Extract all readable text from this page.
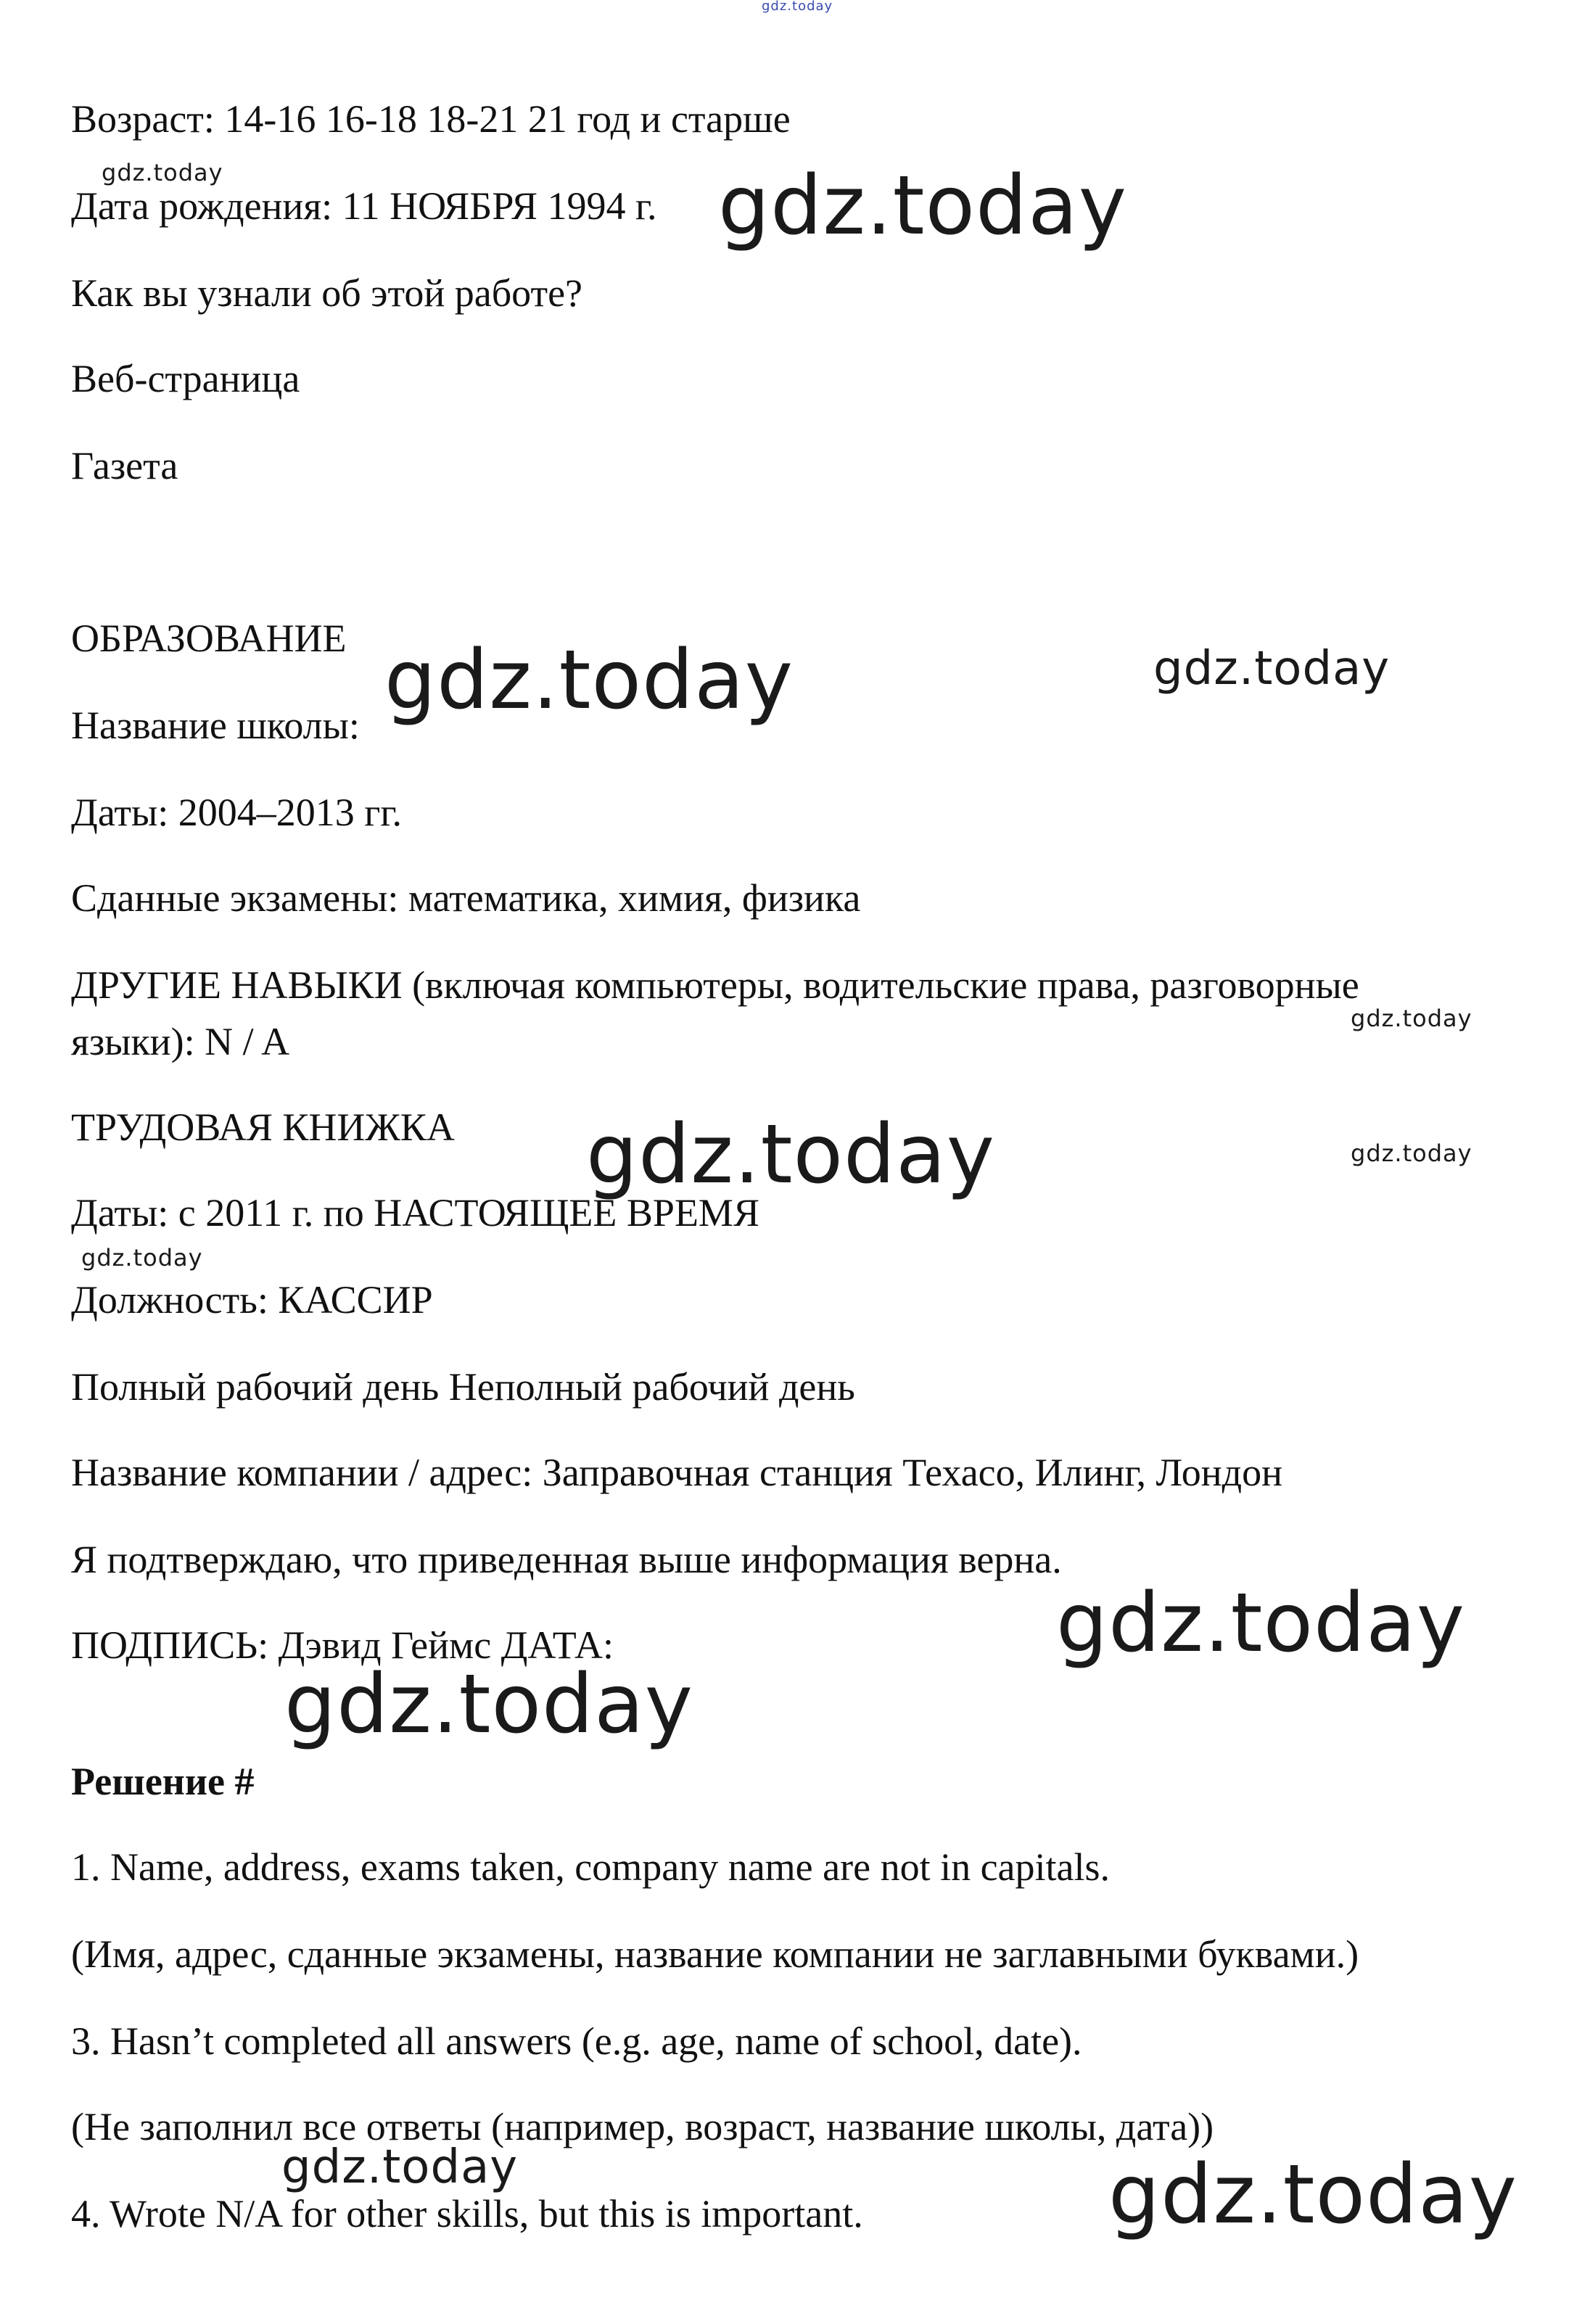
Возраст: 14-16 16-18 18-21 21 год и старше

Дата рождения: 11 НОЯБРЯ 1994 г.

Как вы узнали об этой работе?

Веб-страница

Газета

ОБРАЗОВАНИЕ

Название школы:

Даты: 2004–2013 гг.

Сданные экзамены: математика, химия, физика

ДРУГИЕ НАВЫКИ (включая компьютеры, водительские права, разговорные

языки): N / A

ТРУДОВАЯ КНИЖКА

Даты: с 2011 г. по НАСТОЯЩЕЕ ВРЕМЯ

Должность: КАССИР

Полный рабочий день Неполный рабочий день

Название компании / адрес: Заправочная станция Техасо, Илинг, Лондон

Я подтверждаю, что приведенная выше информация верна.

ПОДПИСЬ: Дэвид Геймс ДАТА:

Решение #

1. Name, address, exams taken, company name are not in capitals.

(Имя, адрес, сданные экзамены, название компании не заглавными буквами.)

3. Hasn’t completed all answers (e.g. age, name of school, date).

(Не заполнил все ответы (например, возраст, название школы, дата))

4. Wrote N/A for other skills, but this is important.

gdz.today
gdz.today	gdz.today
gdz.today	gdz.today
gdz.today
gdz.today	gdz.today
gdz.today
gdz.today
gdz.today
gdz.today	gdz.today
